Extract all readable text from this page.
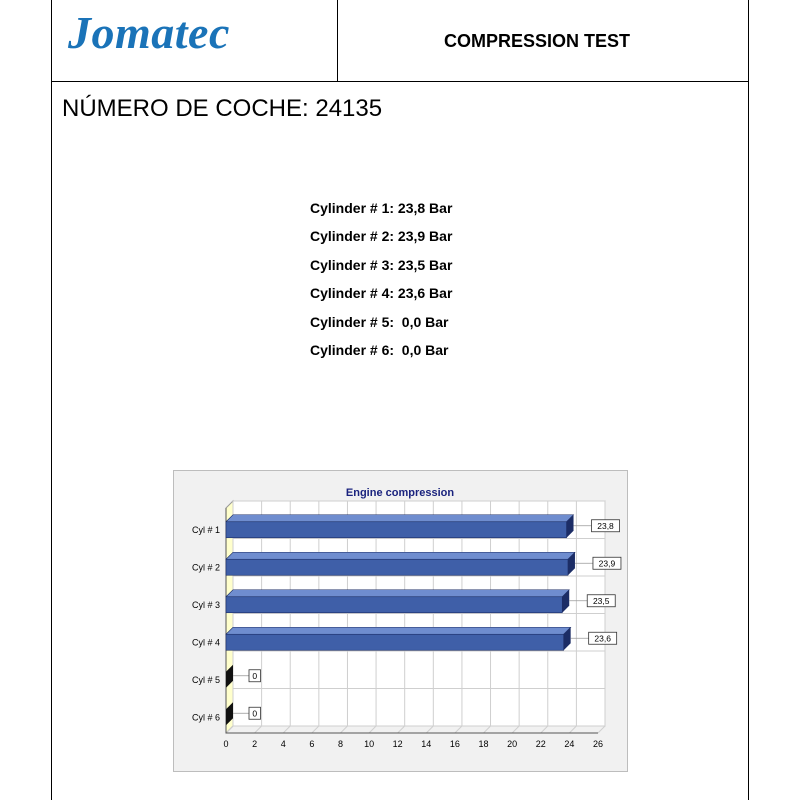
Jomatec	COMPRESSION TEST
NÚMERO DE COCHE: 24135
Cylinder # 1: 23,8 Bar
Cylinder # 2: 23,9 Bar
Cylinder # 3: 23,5 Bar
Cylinder # 4: 23,6 Bar
Cylinder # 5:  0,0 Bar
Cylinder # 6:  0,0 Bar
Engine compression
0	2	4	6	8 10 12 14 16 18 20 22 24 26
Cyl # 1	23,8
Cyl # 2	23,9
Cyl # 3	23,5
Cyl # 4	23,6
Cyl # 5	0
Cyl # 6	0
